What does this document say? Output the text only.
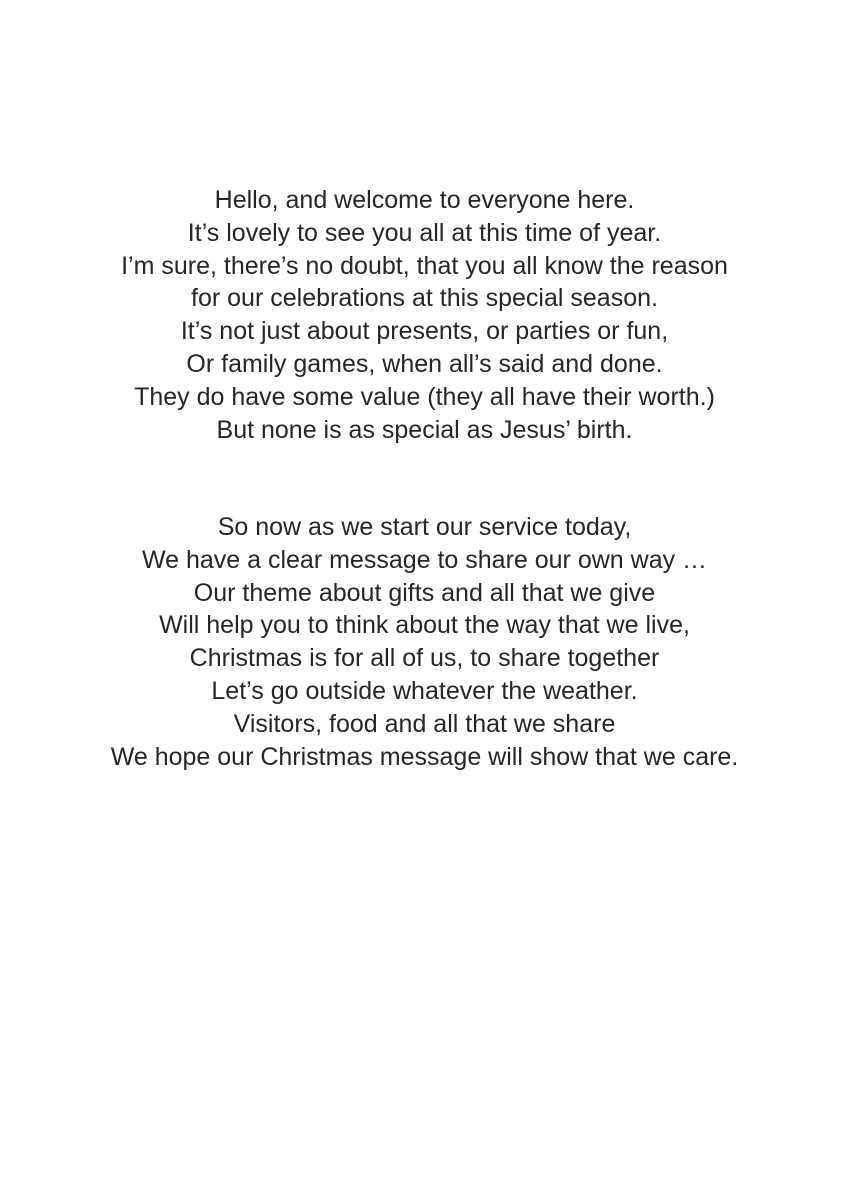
Hello, and welcome to everyone here.
It’s lovely to see you all at this time of year.
I’m sure, there’s no doubt, that you all know the reason
for our celebrations at this special season.
It’s not just about presents, or parties or fun,
Or family games, when all’s said and done.
They do have some value (they all have their worth.)
But none is as special as Jesus’ birth.
So now as we start our service today,
We have a clear message to share our own way …
Our theme about gifts and all that we give
Will help you to think about the way that we live,
Christmas is for all of us, to share together
Let’s go outside whatever the weather.
Visitors, food and all that we share
We hope our Christmas message will show that we care.
